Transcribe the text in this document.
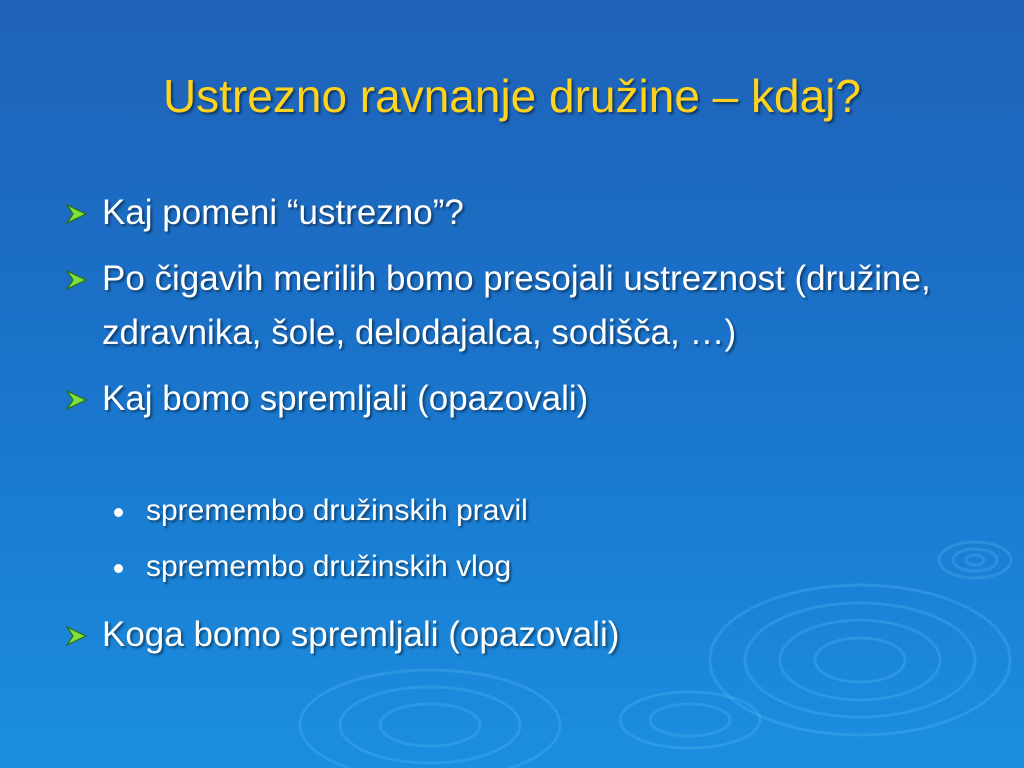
Ustrezno ravnanje družine – kdaj?
Kaj pomeni “ustrezno”?
Po čigavih merilih bomo presojali ustreznost (družine, zdravnika, šole, delodajalca, sodišča, …)
Kaj bomo spremljali (opazovali)
spremembo družinskih pravil
spremembo družinskih vlog
Koga bomo spremljali (opazovali)
